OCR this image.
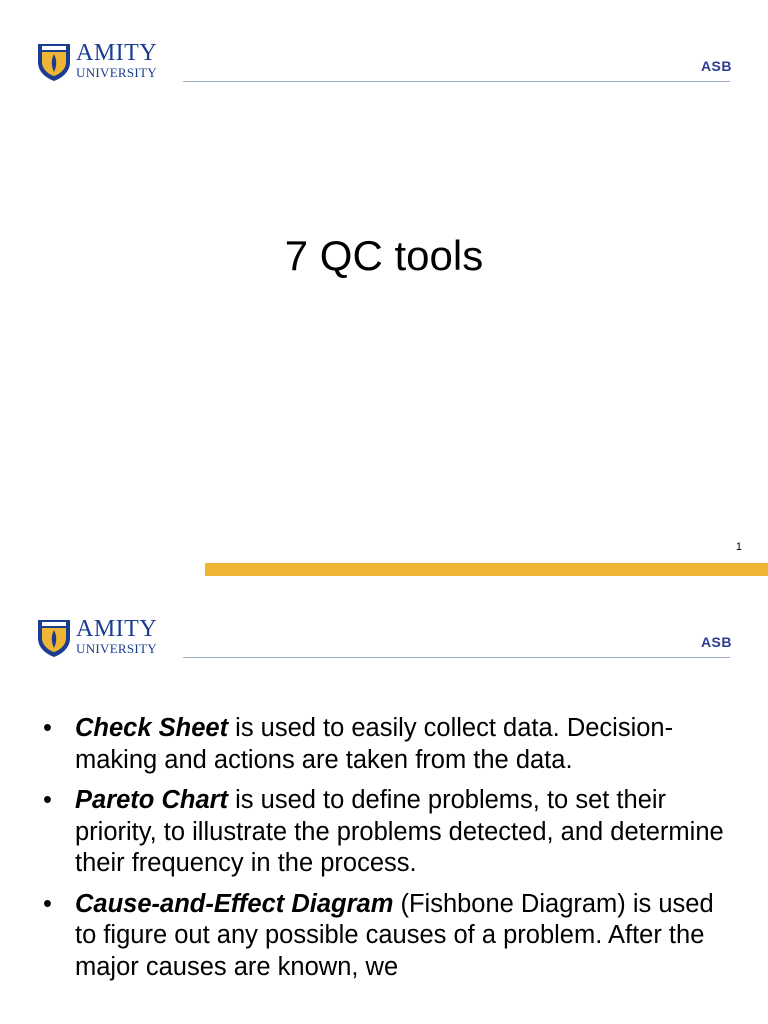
AMITY
UNIVERSITY	ASB
7 QC tools
1
AMITY
UNIVERSITY	ASB
• Check Sheet is used to easily collect data. Decision-making and actions are taken from the data.
• Pareto Chart is used to define problems, to set their priority, to illustrate the problems detected, and determine their frequency in the process.
• Cause-and-Effect Diagram (Fishbone Diagram) is used to figure out any possible causes of a problem. After the major causes are known, we
